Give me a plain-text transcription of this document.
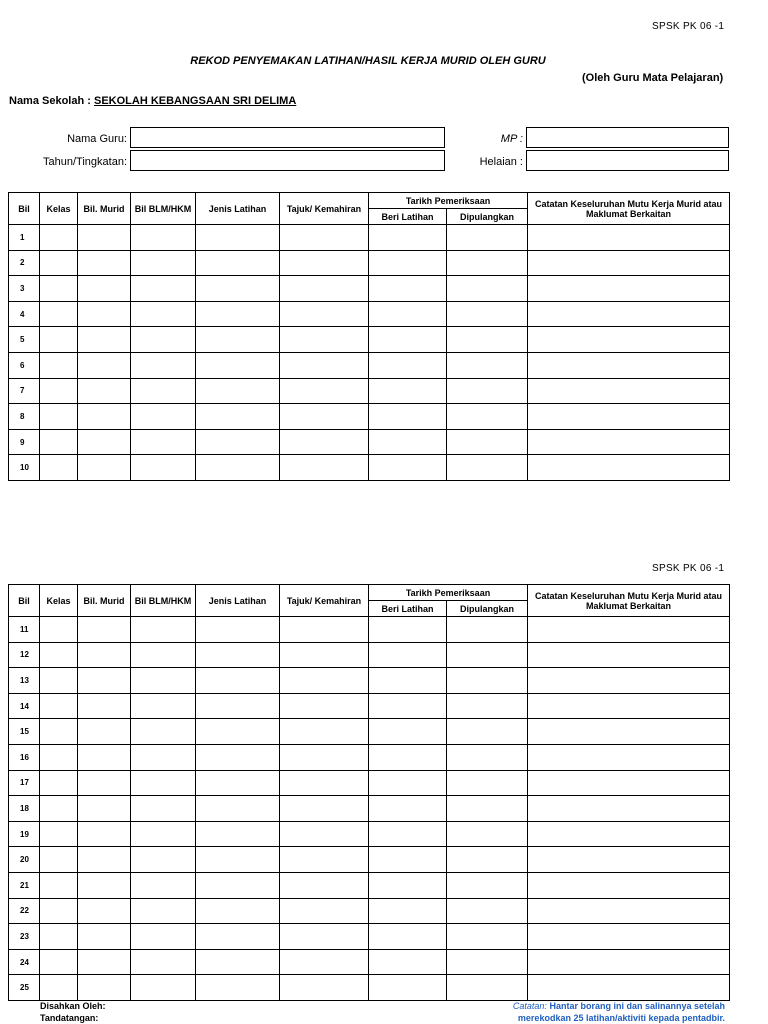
SPSK PK 06 -1
REKOD PENYEMAKAN LATIHAN/HASIL KERJA MURID OLEH GURU
(Oleh Guru Mata Pelajaran)
Nama Sekolah : SEKOLAH KEBANGSAAN SRI DELIMA
Nama Guru:
Tahun/Tingkatan:
MP :
Helaian :
Bil	Kelas	Bil. Murid	Bil BLM/HKM	Jenis Latihan	Tajuk/ Kemahiran	Tarikh Pemeriksaan		Catatan Keseluruhan Mutu Kerja Murid atau Maklumat Berkaitan
						Beri Latihan	Dipulangkan	
1								
2								
3								
4								
5								
6								
7								
8								
9								
10								
SPSK PK 06 -1
Bil	Kelas	Bil. Murid	Bil BLM/HKM	Jenis Latihan	Tajuk/ Kemahiran	Tarikh Pemeriksaan		Catatan Keseluruhan Mutu Kerja Murid atau Maklumat Berkaitan
						Beri Latihan	Dipulangkan	
11								
12								
13								
14								
15								
16								
17								
18								
19								
20								
21								
22								
23								
24								
25								
Disahkan Oleh:
Tandatangan:
Catatan: Hantar borang ini dan salinannya setelah
merekodkan 25 latihan/aktiviti kepada pentadbir.
